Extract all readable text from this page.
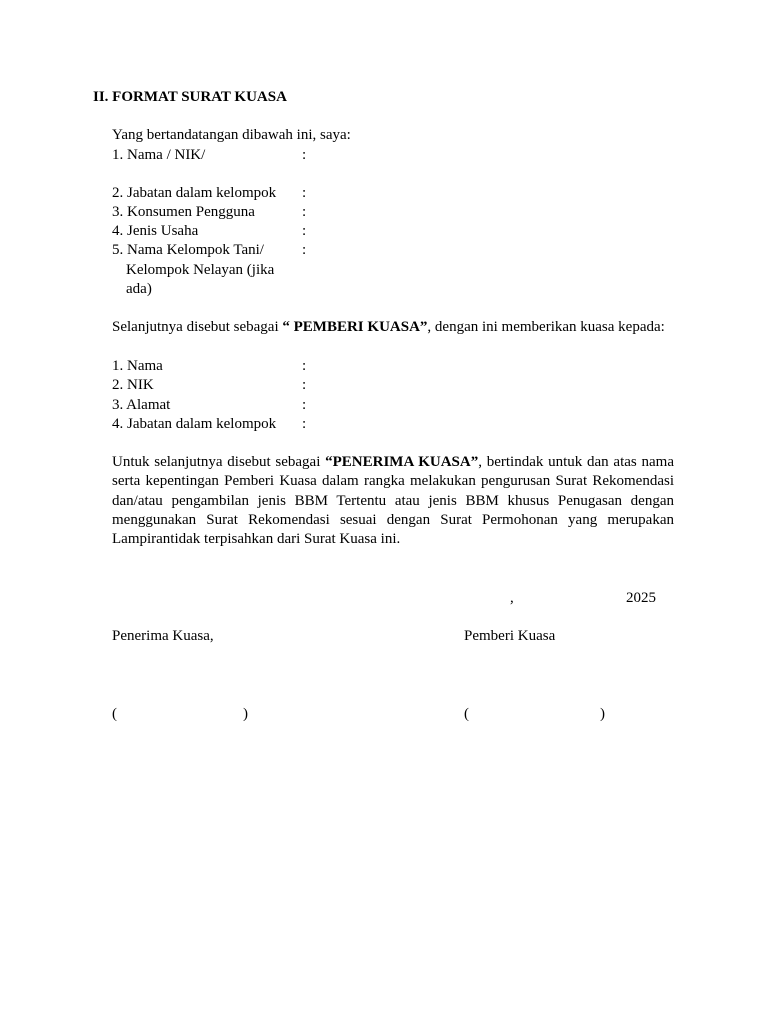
II. FORMAT SURAT KUASA
Yang bertandatangan dibawah ini, saya:
1. Nama / NIK/	:
2. Jabatan dalam kelompok :
3. Konsumen Pengguna	:
4. Jenis Usaha	:
5. Nama Kelompok Tani/	:
Kelompok Nelayan (jika
ada)
Selanjutnya disebut sebagai “ PEMBERI KUASA”, dengan ini memberikan kuasa kepada:
1. Nama	:
2. NIK	:
3. Alamat	:
4. Jabatan dalam kelompok :
Untuk selanjutnya disebut sebagai “PENERIMA KUASA”, bertindak untuk dan atas nama serta kepentingan Pemberi Kuasa dalam rangka melakukan pengurusan Surat Rekomendasi dan/atau pengambilan jenis BBM Tertentu atau jenis BBM khusus Penugasan dengan menggunakan Surat Rekomendasi sesuai dengan Surat Permohonan yang merupakan Lampirantidak terpisahkan dari Surat Kuasa ini.
,	2025
Penerima Kuasa,	Pemberi Kuasa
(	)	(	)
